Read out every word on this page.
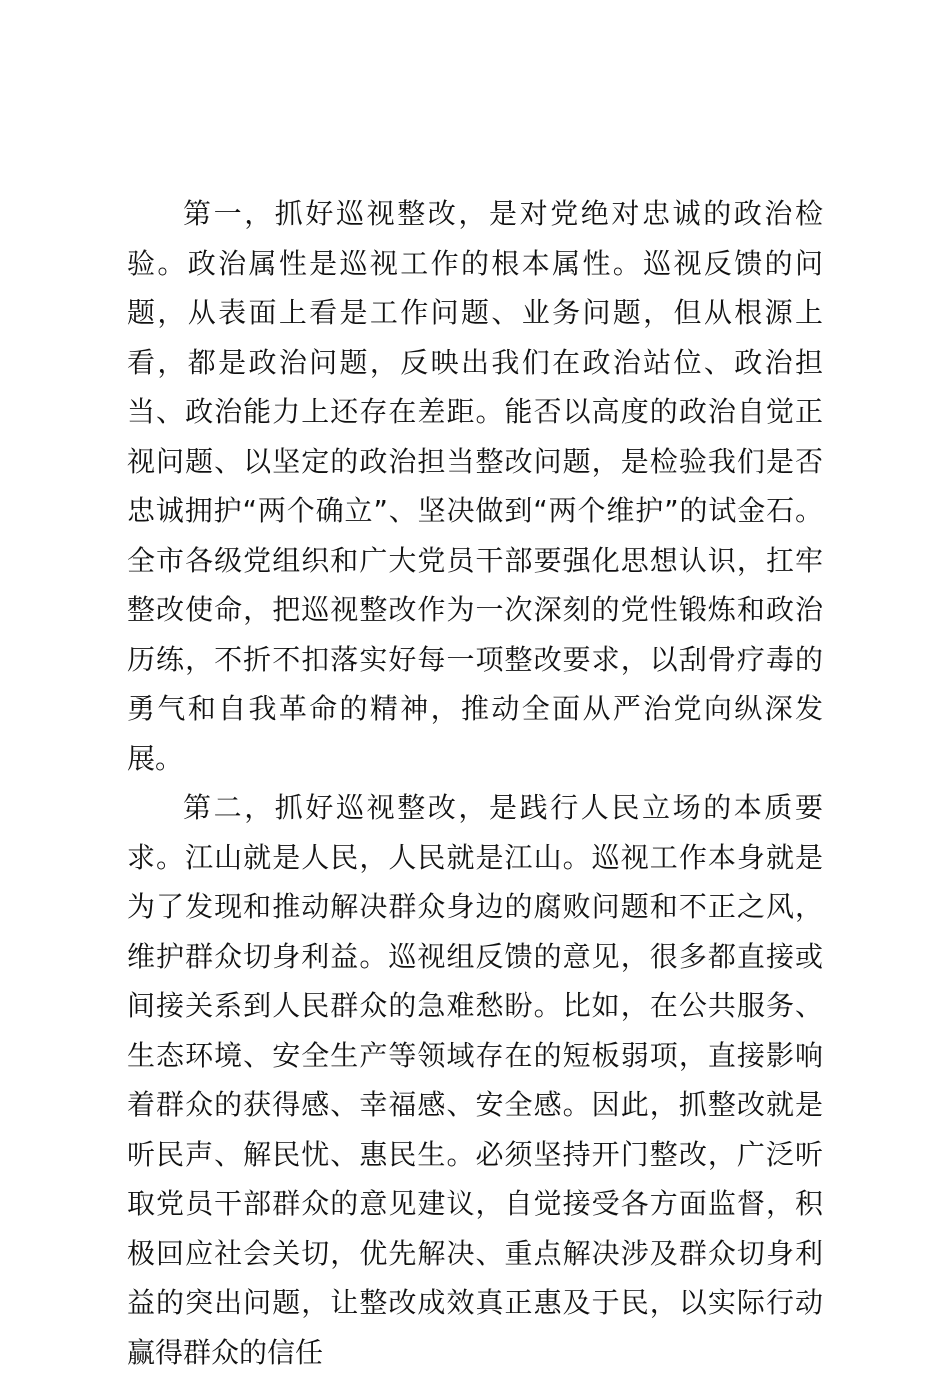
第一，抓好巡视整改，是对党绝对忠诚的政治检验。政治属性是巡视工作的根本属性。巡视反馈的问题，从表面上看是工作问题、业务问题，但从根源上看，都是政治问题，反映出我们在政治站位、政治担当、政治能力上还存在差距。能否以高度的政治自觉正视问题、以坚定的政治担当整改问题，是检验我们是否忠诚拥护“两个确立”、坚决做到“两个维护”的试金石。全市各级党组织和广大党员干部要强化思想认识，扛牢整改使命，把巡视整改作为一次深刻的党性锻炼和政治历练，不折不扣落实好每一项整改要求，以刮骨疗毒的勇气和自我革命的精神，推动全面从严治党向纵深发展。

第二，抓好巡视整改，是践行人民立场的本质要求。江山就是人民，人民就是江山。巡视工作本身就是为了发现和推动解决群众身边的腐败问题和不正之风，维护群众切身利益。巡视组反馈的意见，很多都直接或间接关系到人民群众的急难愁盼。比如，在公共服务、生态环境、安全生产等领域存在的短板弱项，直接影响着群众的获得感、幸福感、安全感。因此，抓整改就是听民声、解民忧、惠民生。必须坚持开门整改，广泛听取党员干部群众的意见建议，自觉接受各方面监督，积极回应社会关切，优先解决、重点解决涉及群众切身利益的突出问题，让整改成效真正惠及于民，以实际行动赢得群众的信任
